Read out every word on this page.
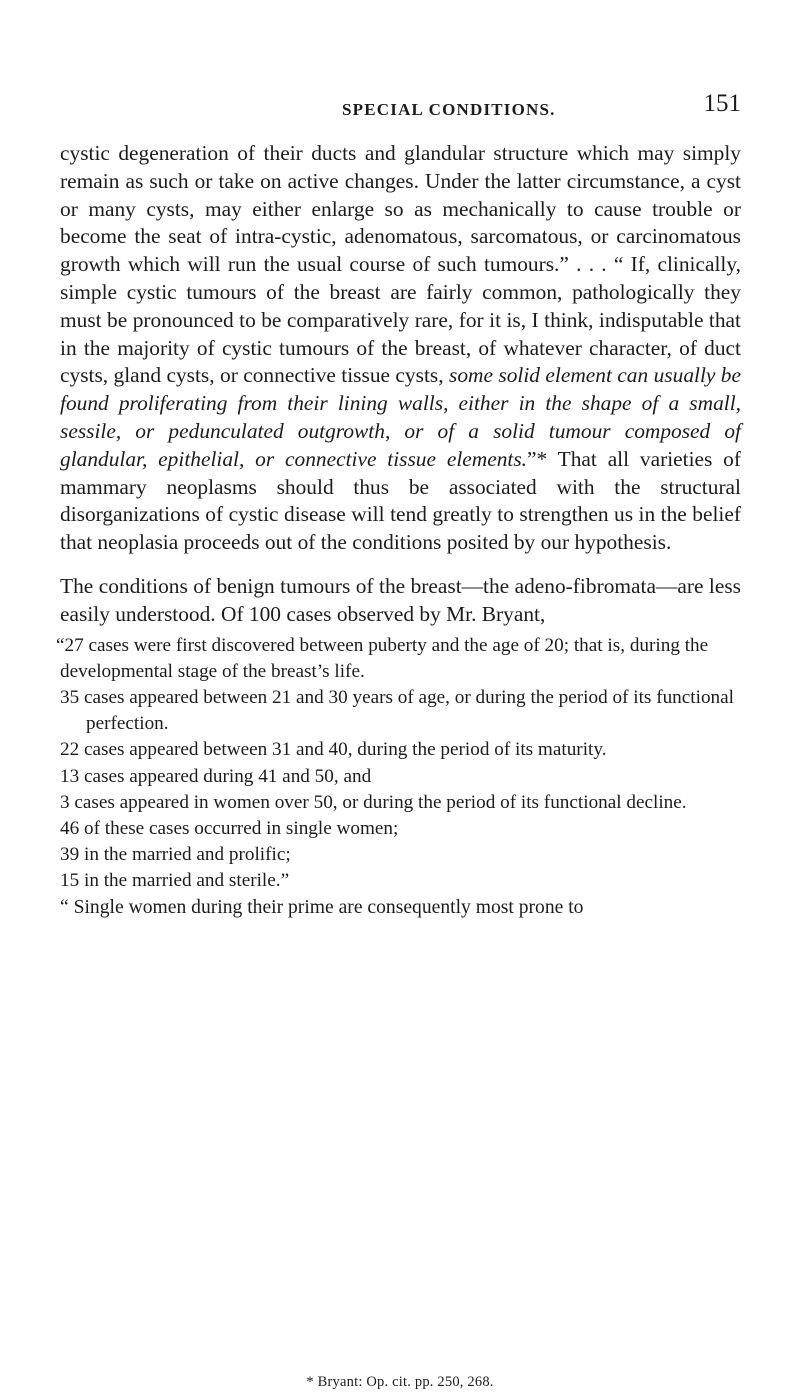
SPECIAL CONDITIONS.	151

cystic degeneration of their ducts and glandular structure which may simply remain as such or take on active changes. Under the latter circumstance, a cyst or many cysts, may either enlarge so as mechanically to cause trouble or become the seat of intra-cystic, adenomatous, sarcomatous, or carcinomatous growth which will run the usual course of such tumours.” . . . “ If, clinically, simple cystic tumours of the breast are fairly common, pathologically they must be pronounced to be comparatively rare, for it is, I think, indisputable that in the majority of cystic tumours of the breast, of whatever character, of duct cysts, gland cysts, or connective tissue cysts, some solid element can usually be found proliferating from their lining walls, either in the shape of a small, sessile, or pedunculated outgrowth, or of a solid tumour composed of glandular, epithelial, or connective tissue elements.”* That all varieties of mammary neoplasms should thus be associated with the structural disorganizations of cystic disease will tend greatly to strengthen us in the belief that neoplasia proceeds out of the conditions posited by our hypothesis.

The conditions of benign tumours of the breast—the adeno-fibromata—are less easily understood. Of 100 cases observed by Mr. Bryant,

“27 cases were first discovered between puberty and the age of 20; that is, during the developmental stage of the breast’s life.
35 cases appeared between 21 and 30 years of age, or during the period of its functional perfection.
22 cases appeared between 31 and 40, during the period of its maturity.
13 cases appeared during 41 and 50, and
3 cases appeared in women over 50, or during the period of its functional decline.
46 of these cases occurred in single women;
39 in the married and prolific;
15 in the married and sterile.”

“ Single women during their prime are consequently most prone to

* Bryant: Op. cit. pp. 250, 268.
